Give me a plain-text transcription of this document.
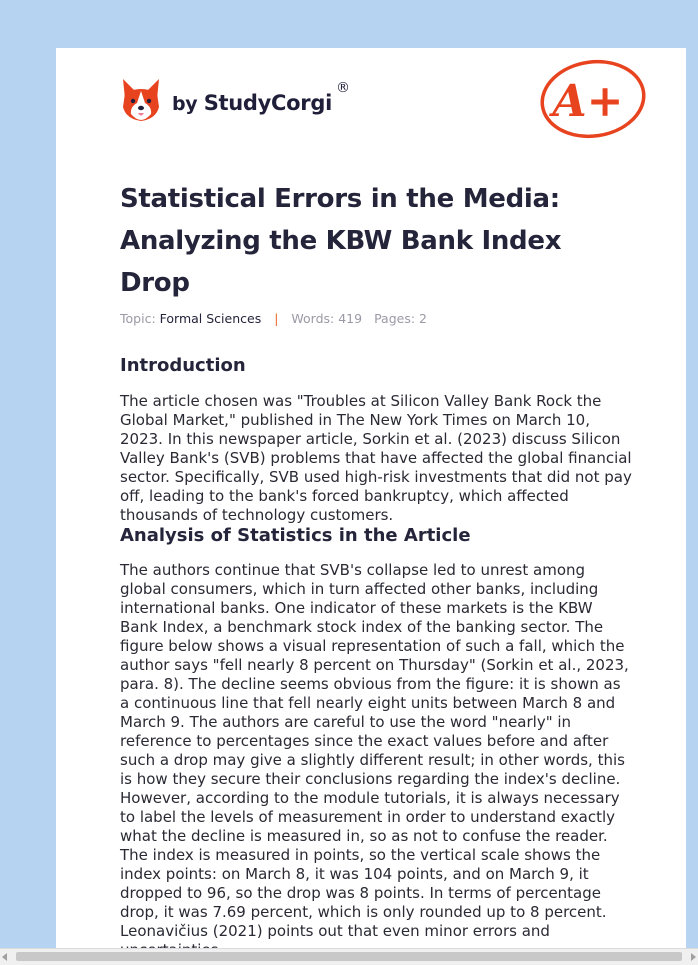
by StudyCorgi
®	A+
Statistical Errors in the Media: Analyzing the KBW Bank Index Drop
Topic: Formal Sciences | Words: 419 Pages: 2
Introduction

The article chosen was "Troubles at Silicon Valley Bank Rock the Global Market," published in The New York Times on March 10, 2023. In this newspaper article, Sorkin et al. (2023) discuss Silicon Valley Bank's (SVB) problems that have affected the global financial sector. Specifically, SVB used high-risk investments that did not pay off, leading to the bank's forced bankruptcy, which affected thousands of technology customers.

Analysis of Statistics in the Article

The authors continue that SVB's collapse led to unrest among global consumers, which in turn affected other banks, including international banks. One indicator of these markets is the KBW Bank Index, a benchmark stock index of the banking sector. The figure below shows a visual representation of such a fall, which the author says "fell nearly 8 percent on Thursday" (Sorkin et al., 2023, para. 8). The decline seems obvious from the figure: it is shown as a continuous line that fell nearly eight units between March 8 and March 9. The authors are careful to use the word "nearly" in reference to percentages since the exact values before and after such a drop may give a slightly different result; in other words, this is how they secure their conclusions regarding the index's decline. However, according to the module tutorials, it is always necessary to label the levels of measurement in order to understand exactly what the decline is measured in, so as not to confuse the reader. The index is measured in points, so the vertical scale shows the index points: on March 8, it was 104 points, and on March 9, it dropped to 96, so the drop was 8 points. In terms of percentage drop, it was 7.69 percent, which is only rounded up to 8 percent. Leonavičius (2021) points out that even minor errors and
